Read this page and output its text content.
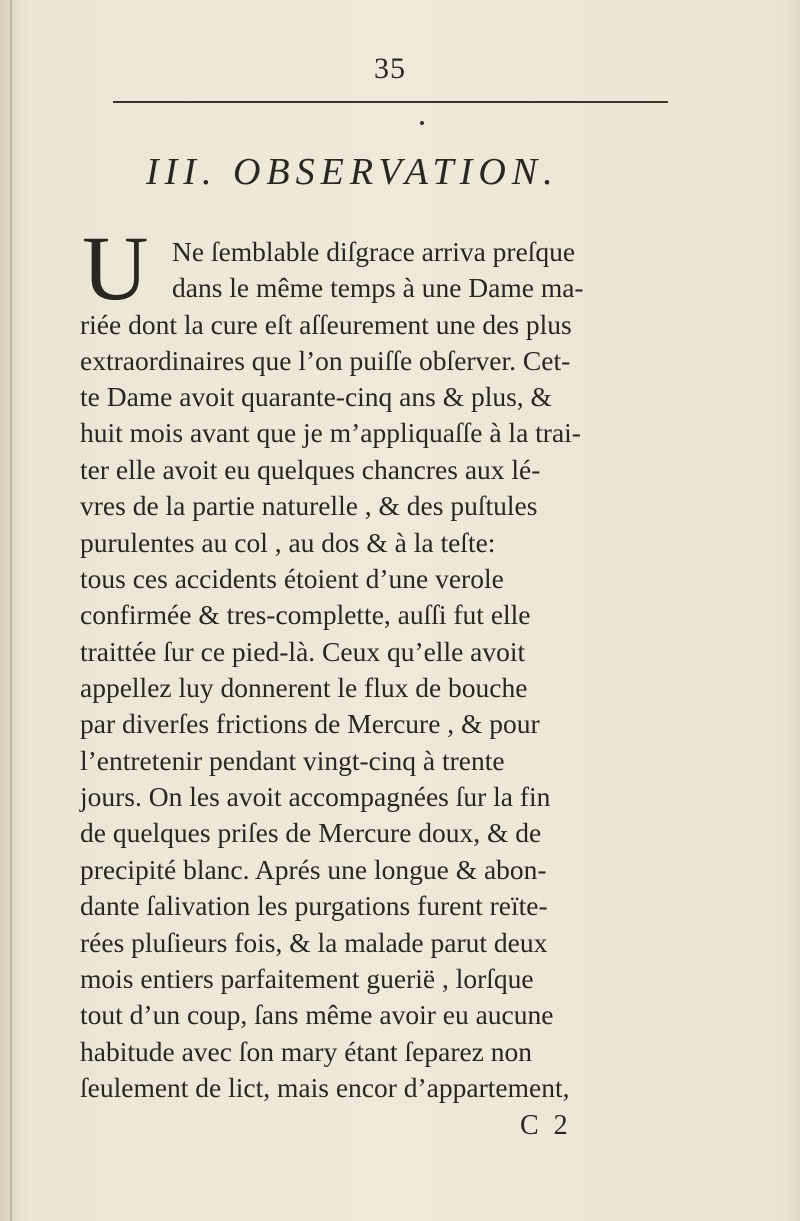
35
III. OBSERVATION.
U Ne ſemblable diſgrace arriva preſque
dans le même temps à une Dame ma-
riée dont la cure eſt aſſeurement une des plus
extraordinaires que l’on puiſſe obſerver. Cet-
te Dame avoit quarante-cinq ans & plus, &
huit mois avant que je m’appliquaſſe à la trai-
ter elle avoit eu quelques chancres aux lé-
vres de la partie naturelle , & des puſtules
purulentes au col , au dos & à la teſte:
tous ces accidents étoient d’une verole
confirmée & tres-complette, auſſi fut elle
traittée ſur ce pied-là. Ceux qu’elle avoit
appellez luy donnerent le flux de bouche
par diverſes frictions de Mercure , & pour
l’entretenir pendant vingt-cinq à trente
jours. On les avoit accompagnées ſur la fin
de quelques priſes de Mercure doux, & de
precipité blanc. Aprés une longue & abon-
dante ſalivation les purgations furent reïte-
rées pluſieurs fois, & la malade parut deux
mois entiers parfaitement guerië , lorſque
tout d’un coup, ſans même avoir eu aucune
habitude avec ſon mary étant ſeparez non
ſeulement de lict, mais encor d’appartement,
C 2
